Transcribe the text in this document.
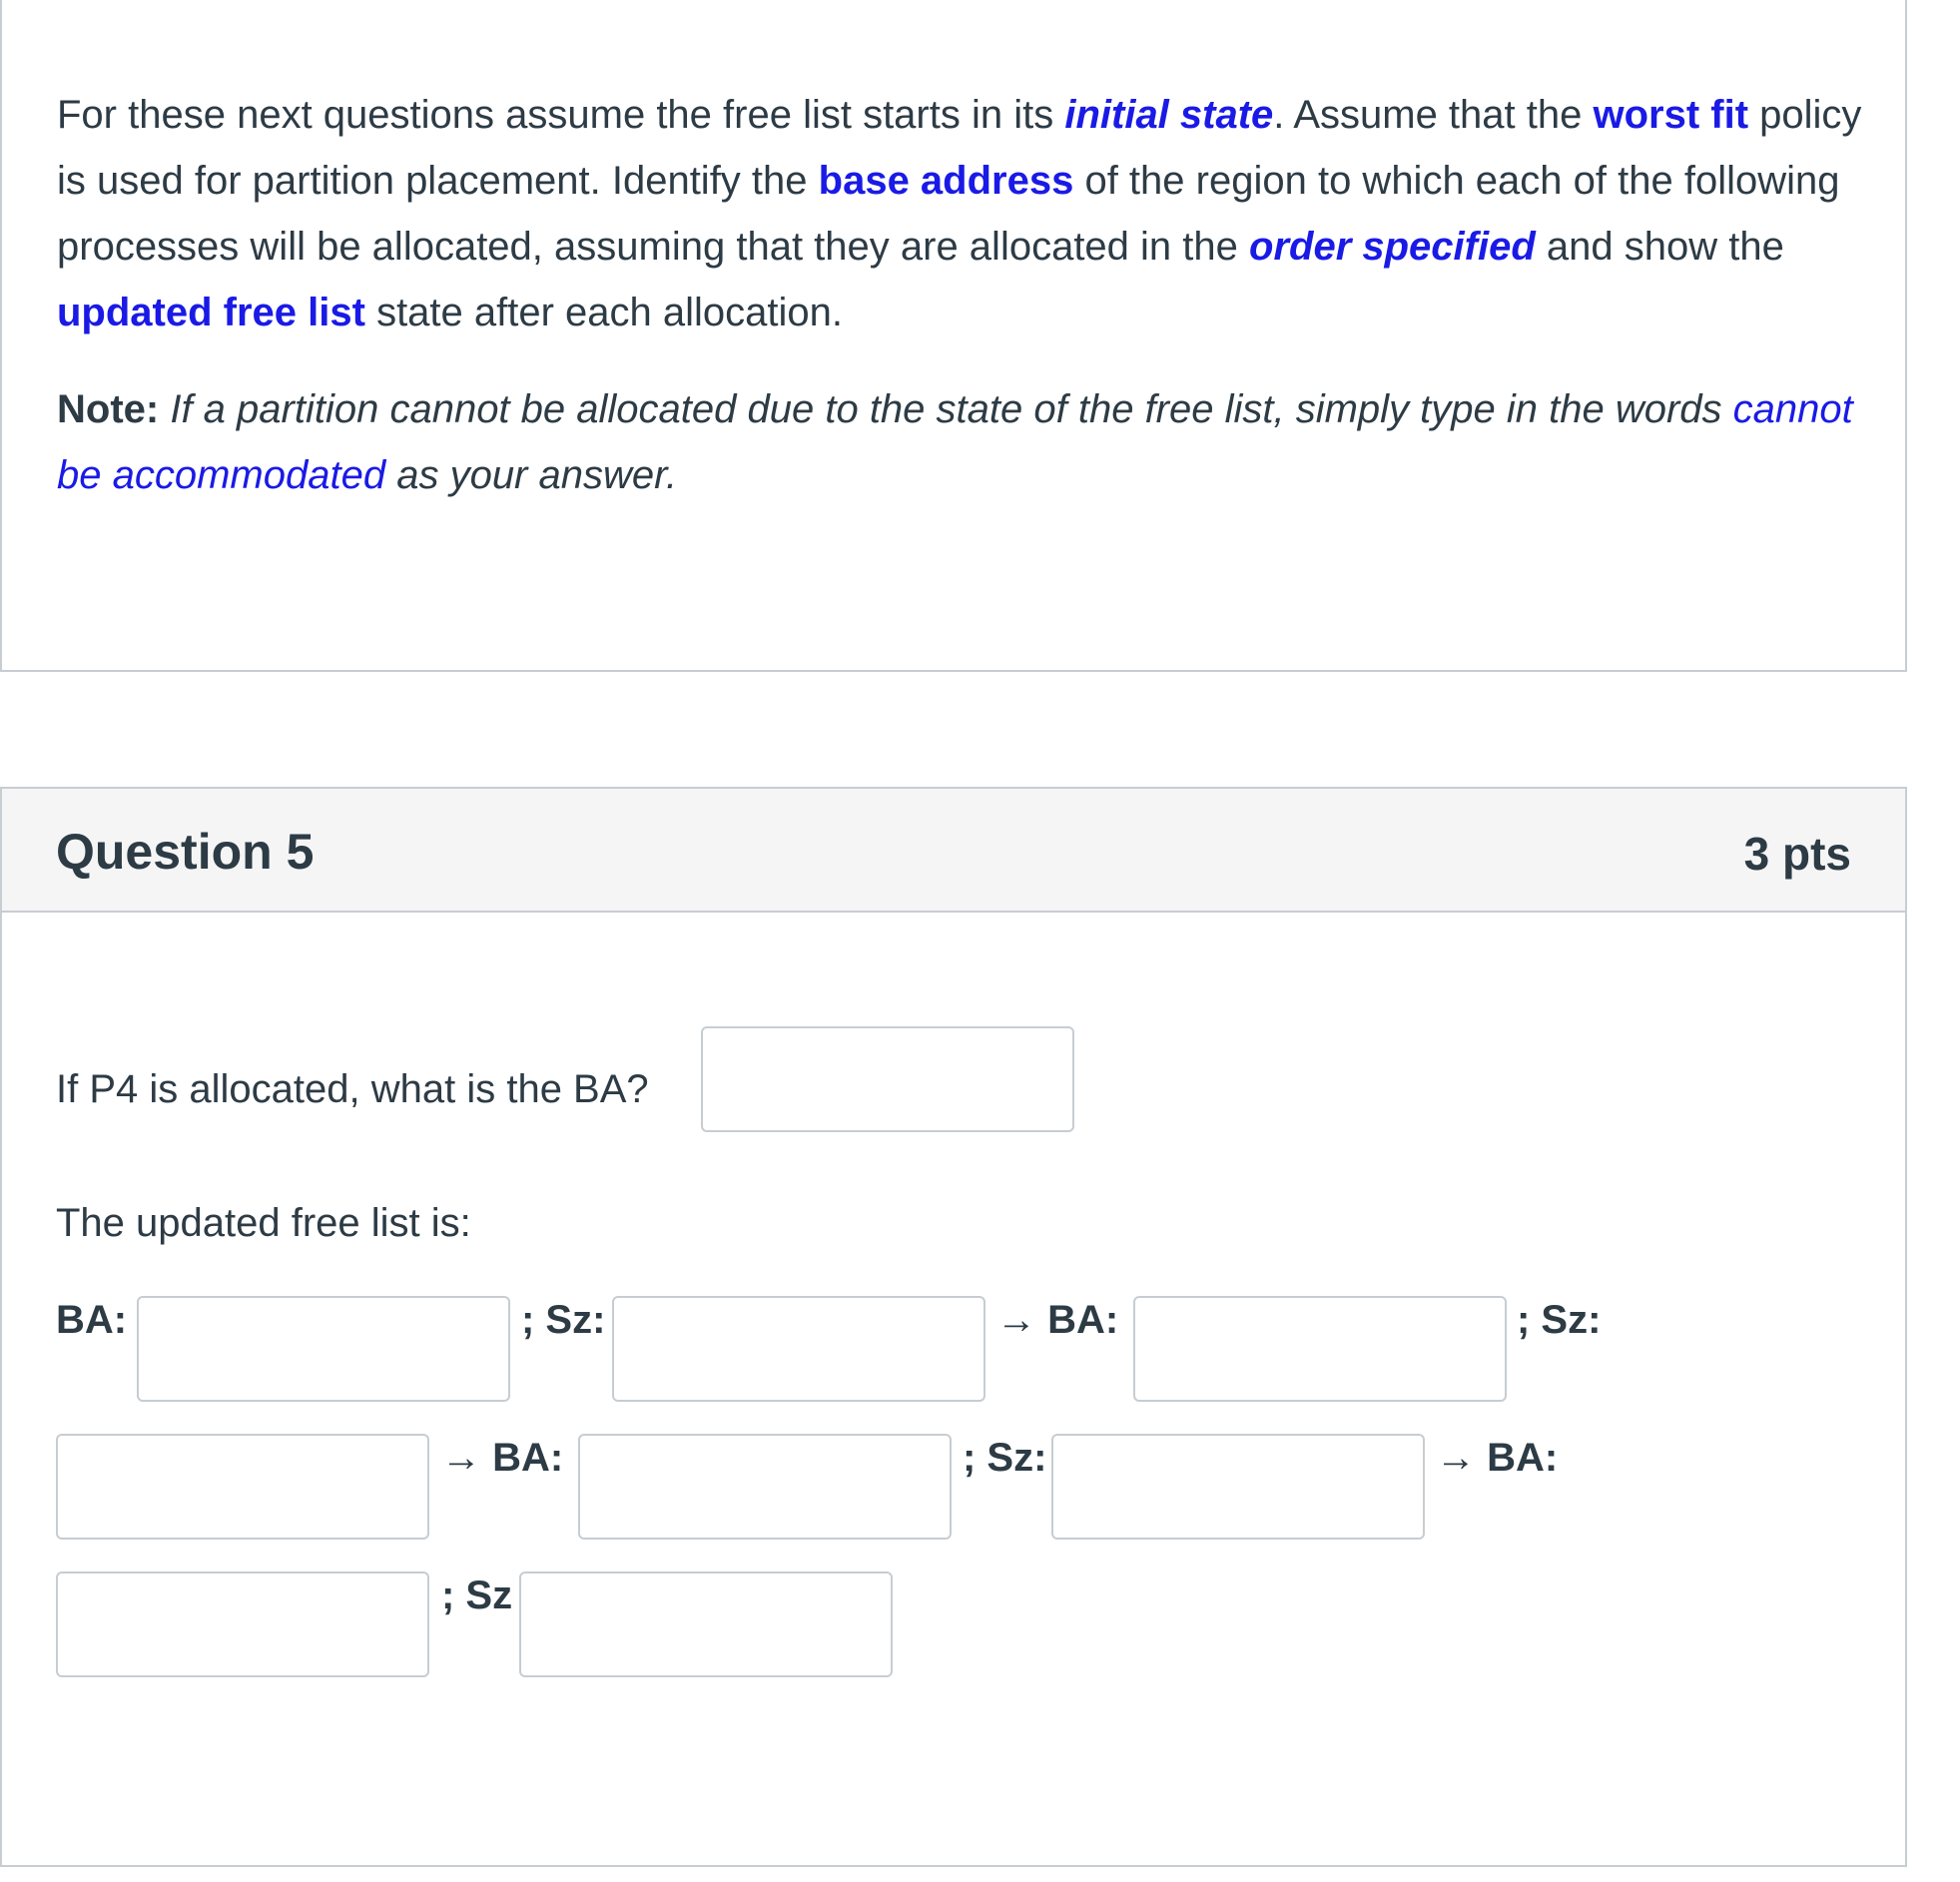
For these next questions assume the free list starts in its initial state. Assume that the worst fit policy is used for partition placement. Identify the base address of the region to which each of the following processes will be allocated, assuming that they are allocated in the order specified and show the updated free list state after each allocation.

Note: If a partition cannot be allocated due to the state of the free list, simply type in the words cannot be accommodated as your answer.

Question 5	3 pts
If P4 is allocated, what is the BA?
The updated free list is:
BA:	; Sz:	→ BA:	; Sz:
→ BA:	; Sz:	→ BA:
; Sz
